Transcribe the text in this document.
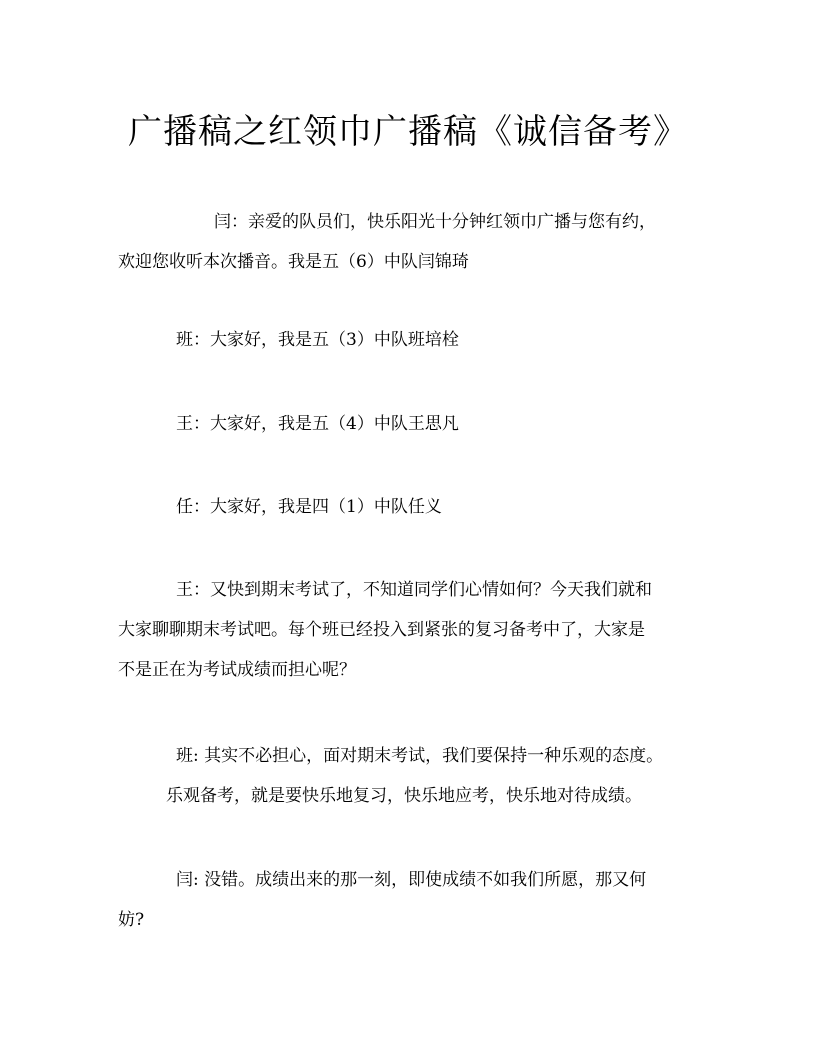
广播稿之红领巾广播稿《诚信备考》
闫：亲爱的队员们，快乐阳光十分钟红领巾广播与您有约，
欢迎您收听本次播音。我是五（6）中队闫锦琦
班：大家好，我是五（3）中队班培栓
王：大家好，我是五（4）中队王思凡
任：大家好，我是四（1）中队任义
王：又快到期末考试了，不知道同学们心情如何？今天我们就和
大家聊聊期末考试吧。每个班已经投入到紧张的复习备考中了，大家是
不是正在为考试成绩而担心呢？
班: 其实不必担心，面对期末考试，我们要保持一种乐观的态度。
乐观备考，就是要快乐地复习，快乐地应考，快乐地对待成绩。
闫: 没错。成绩出来的那一刻，即使成绩不如我们所愿，那又何
妨?
